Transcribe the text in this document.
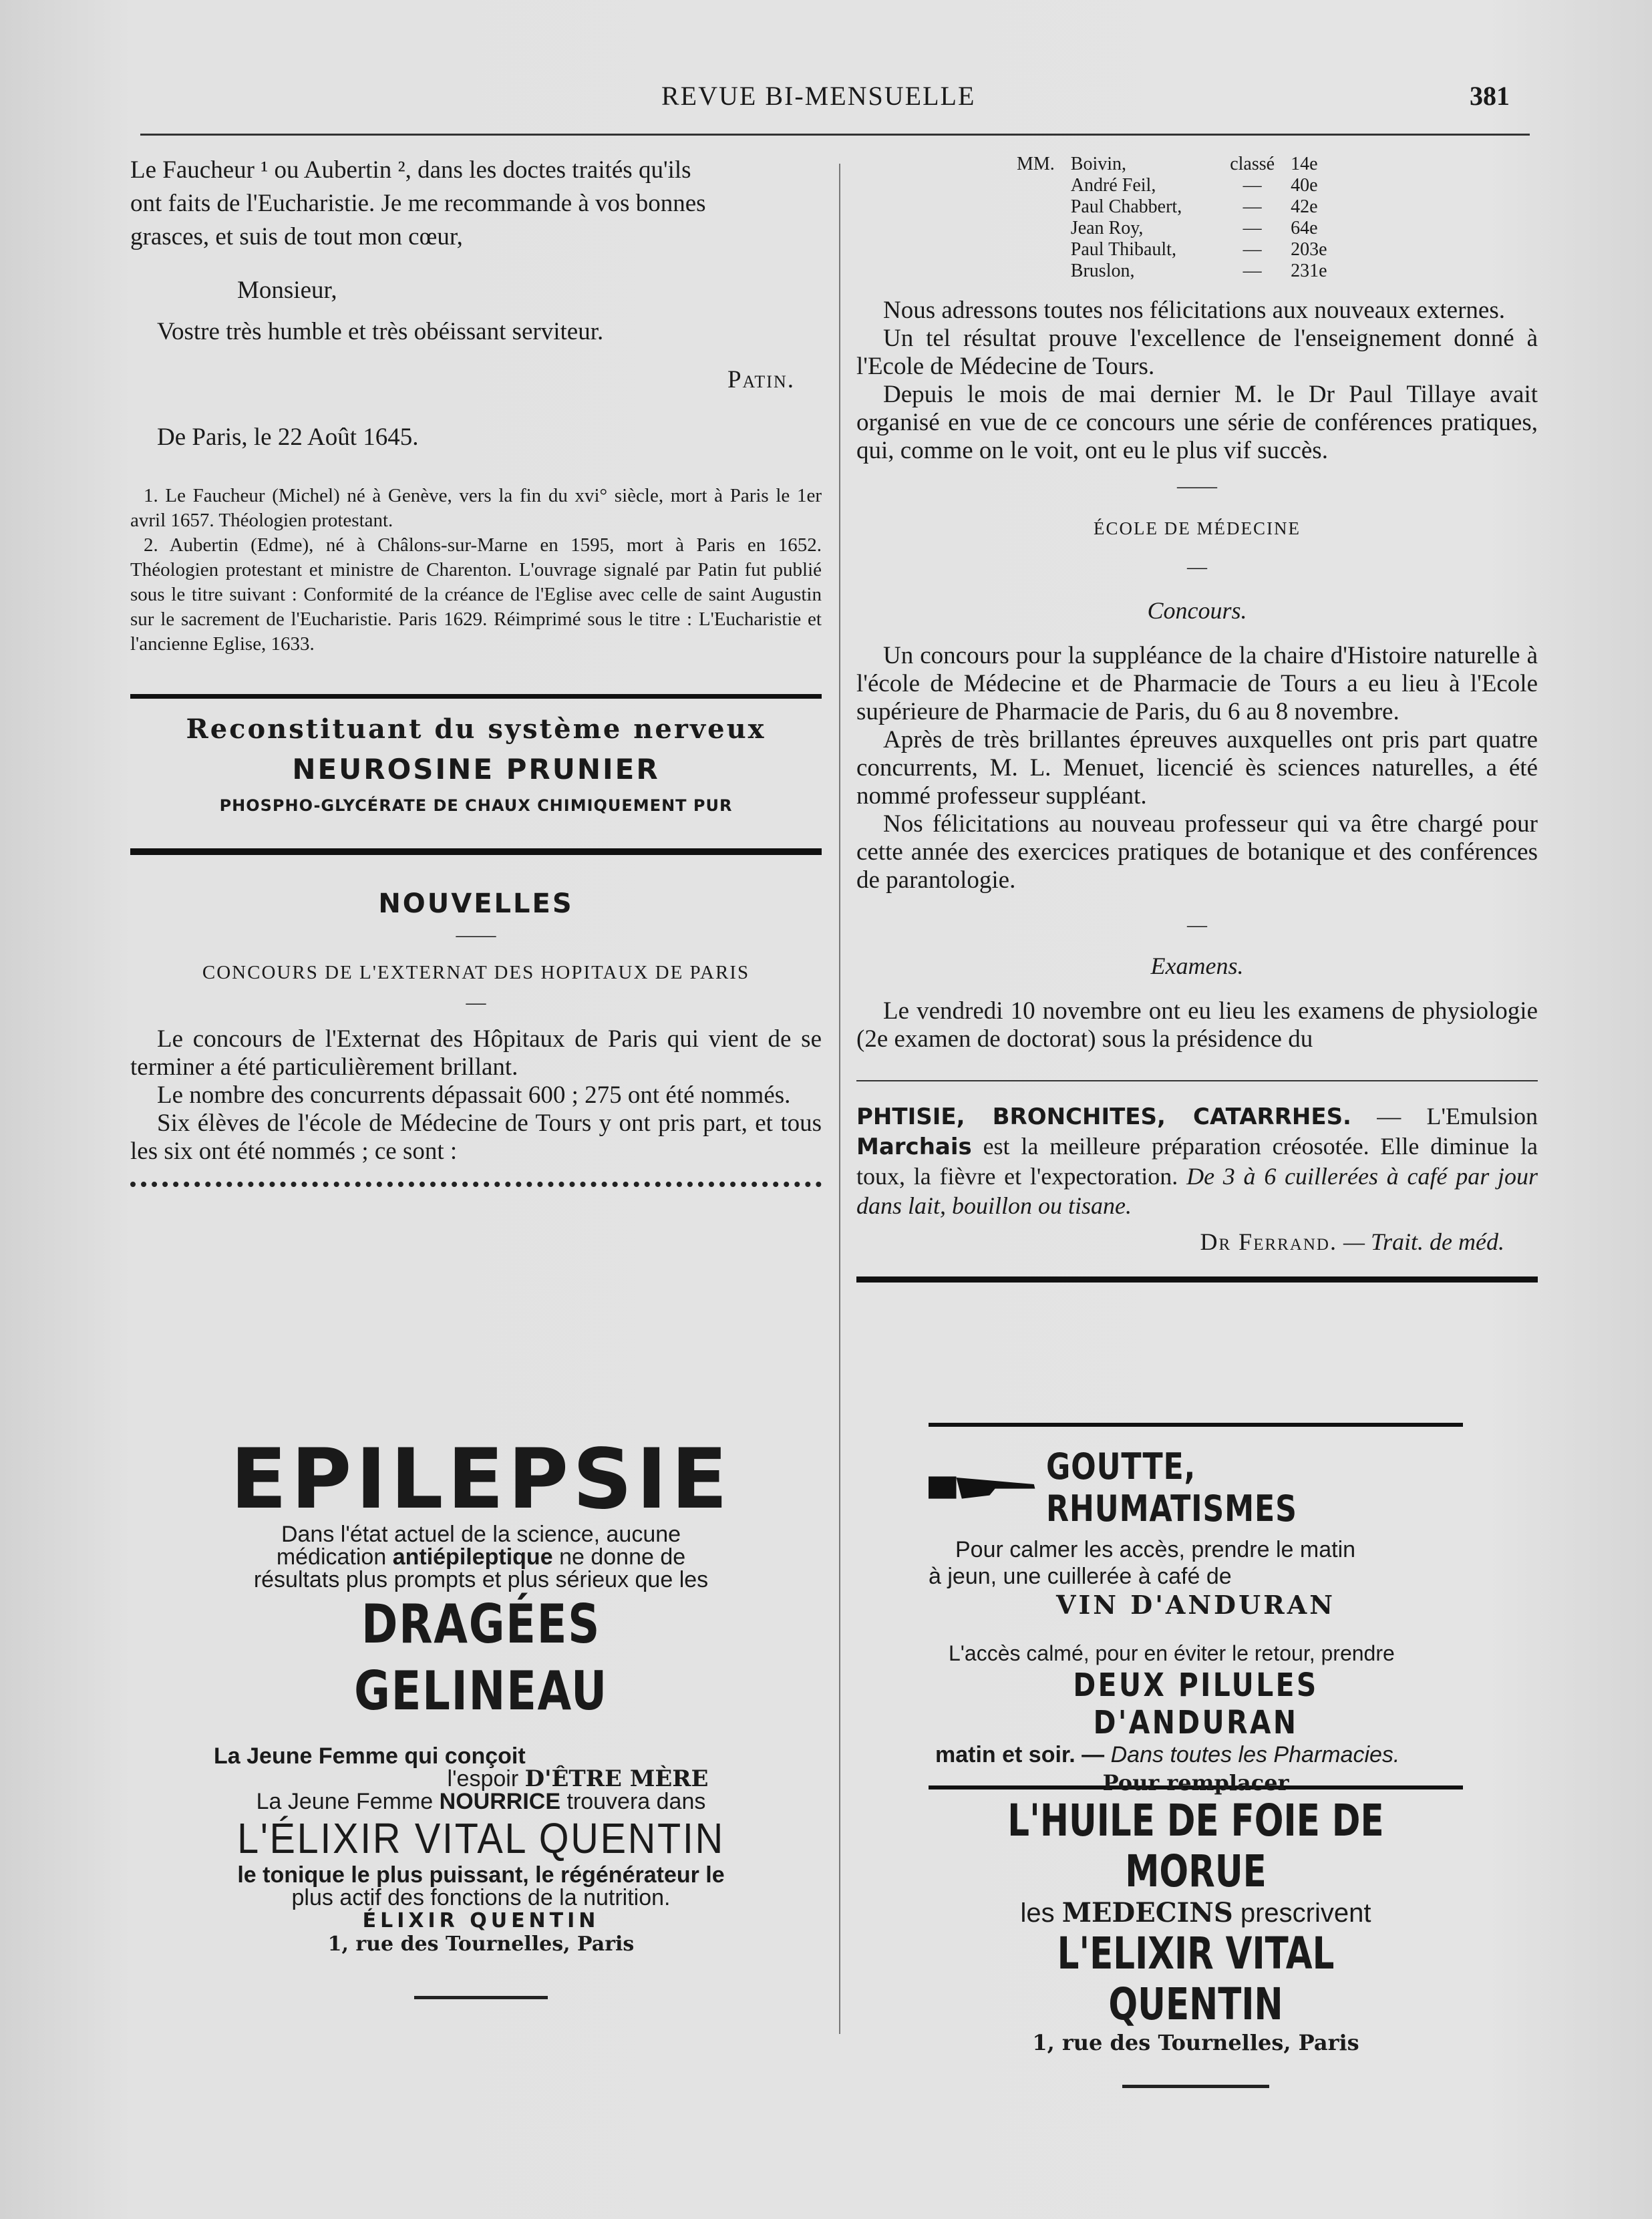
REVUE BI-MENSUELLE	381

Le Faucheur ¹ ou Aubertin ², dans les doctes traités qu'ils

ont faits de l'Eucharistie. Je me recommande à vos bonnes

grasces, et suis de tout mon cœur,

Monsieur,

Vostre très humble et très obéissant serviteur.

Patin.

De Paris, le 22 Août 1645.

1. Le Faucheur (Michel) né à Genève, vers la fin du xvi° siècle, mort à Paris le 1er avril 1657. Théologien protestant.

2. Aubertin (Edme), né à Châlons-sur-Marne en 1595, mort à Paris en 1652. Théologien protestant et ministre de Charenton. L'ouvrage signalé par Patin fut publié sous le titre suivant : Conformité de la créance de l'Eglise avec celle de saint Augustin sur le sacrement de l'Eucharistie. Paris 1629. Réimprimé sous le titre : L'Eucharistie et l'ancienne Eglise, 1633.

Reconstituant du système nerveux
NEUROSINE PRUNIER
PHOSPHO-GLYCÉRATE DE CHAUX CHIMIQUEMENT PUR
NOUVELLES
——
CONCOURS DE L'EXTERNAT DES HOPITAUX DE PARIS
—

Le concours de l'Externat des Hôpitaux de Paris qui vient de se terminer a été particulièrement brillant.

Le nombre des concurrents dépassait 600 ; 275 ont été nommés.

Six élèves de l'école de Médecine de Tours y ont pris part, et tous les six ont été nommés ; ce sont :

MM.	Boivin,	classé	14e
	André Feil,	—	40e
	Paul Chabbert,	—	42e
	Jean Roy,	—	64e
	Paul Thibault,	—	203e
	Bruslon,	—	231e

Nous adressons toutes nos félicitations aux nouveaux externes.

Un tel résultat prouve l'excellence de l'enseignement donné à l'Ecole de Médecine de Tours.

Depuis le mois de mai dernier M. le Dr Paul Tillaye avait organisé en vue de ce concours une série de conférences pratiques, qui, comme on le voit, ont eu le plus vif succès.

——
ÉCOLE DE MÉDECINE
—
Concours.

Un concours pour la suppléance de la chaire d'Histoire naturelle à l'école de Médecine et de Pharmacie de Tours a eu lieu à l'Ecole supérieure de Pharmacie de Paris, du 6 au 8 novembre.

Après de très brillantes épreuves auxquelles ont pris part quatre concurrents, M. L. Menuet, licencié ès sciences naturelles, a été nommé professeur suppléant.

Nos félicitations au nouveau professeur qui va être chargé pour cette année des exercices pratiques de botanique et des conférences de parantologie.

—
Examens.

Le vendredi 10 novembre ont eu lieu les examens de physiologie (2e examen de doctorat) sous la présidence du

PHTISIE, BRONCHITES, CATARRHES. — L'Emulsion Marchais est la meilleure préparation créosotée. Elle diminue la toux, la fièvre et l'expectoration. De 3 à 6 cuillerées à café par jour dans lait, bouillon ou tisane.

Dr Ferrand. — Trait. de méd.

EPILEPSIE
Dans l'état actuel de la science, aucune
médication antiépileptique ne donne de
résultats plus prompts et plus sérieux que les
DRAGÉES GELINEAU
La Jeune Femme qui conçoit
l'espoir D'ÊTRE MÈRE
La Jeune Femme NOURRICE trouvera dans
L'ÉLIXIR VITAL QUENTIN
le tonique le plus puissant, le régénérateur le
plus actif des fonctions de la nutrition.
ÉLIXIR QUENTIN
1, rue des Tournelles, Paris
GOUTTE, RHUMATISMES
Pour calmer les accès, prendre le matin
à jeun, une cuillerée à café de
VIN D'ANDURAN
L'accès calmé, pour en éviter le retour, prendre
DEUX PILULES D'ANDURAN
matin et soir. — Dans toutes les Pharmacies.
Pour remplacer
L'HUILE DE FOIE DE MORUE
les MEDECINS prescrivent
L'ELIXIR VITAL QUENTIN
1, rue des Tournelles, Paris
